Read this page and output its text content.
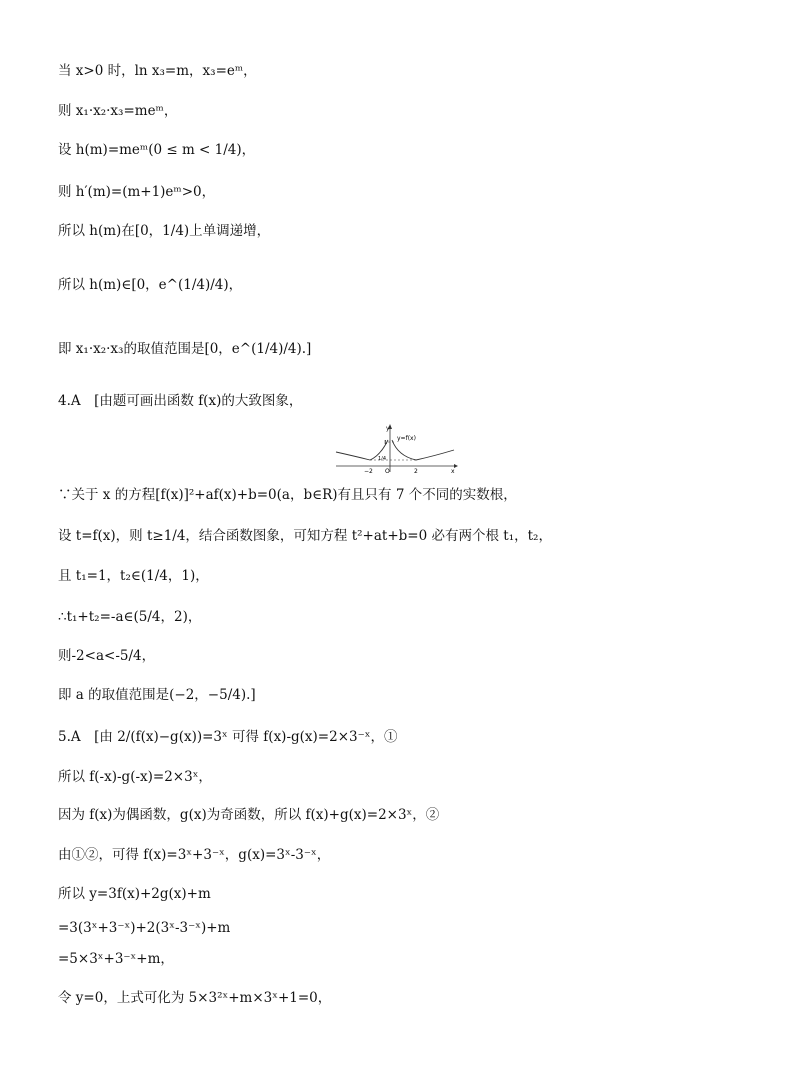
当 x>0 时，ln x₃=m，x₃=eᵐ，
则 x₁·x₂·x₃=meᵐ，
设 h(m)=meᵐ(0 ≤ m < 1/4)，
则 h′(m)=(m+1)eᵐ>0，
所以 h(m)在[0，1/4)上单调递增，
所以 h(m)∈[0，e^(1/4)/4)，
即 x₁·x₂·x₃的取值范围是[0，e^(1/4)/4).]
4.A　[由题可画出函数 f(x)的大致图象，
y
x
y=f(x)
−2 O	2
1
1/4
∵关于 x 的方程[f(x)]²+af(x)+b=0(a，b∈R)有且只有 7 个不同的实数根，
设 t=f(x)，则 t≥1/4，结合函数图象，可知方程 t²+at+b=0 必有两个根 t₁，t₂，
且 t₁=1，t₂∈(1/4，1)，
∴t₁+t₂=-a∈(5/4，2)，
则-2<a<-5/4，
即 a 的取值范围是(−2，−5/4).]
5.A　[由 2/(f(x)−g(x))=3ˣ 可得 f(x)-g(x)=2×3⁻ˣ，①
所以 f(-x)-g(-x)=2×3ˣ，
因为 f(x)为偶函数，g(x)为奇函数，所以 f(x)+g(x)=2×3ˣ，②
由①②，可得 f(x)=3ˣ+3⁻ˣ，g(x)=3ˣ-3⁻ˣ，
所以 y=3f(x)+2g(x)+m
=3(3ˣ+3⁻ˣ)+2(3ˣ-3⁻ˣ)+m
=5×3ˣ+3⁻ˣ+m，
令 y=0，上式可化为 5×3²ˣ+m×3ˣ+1=0，
